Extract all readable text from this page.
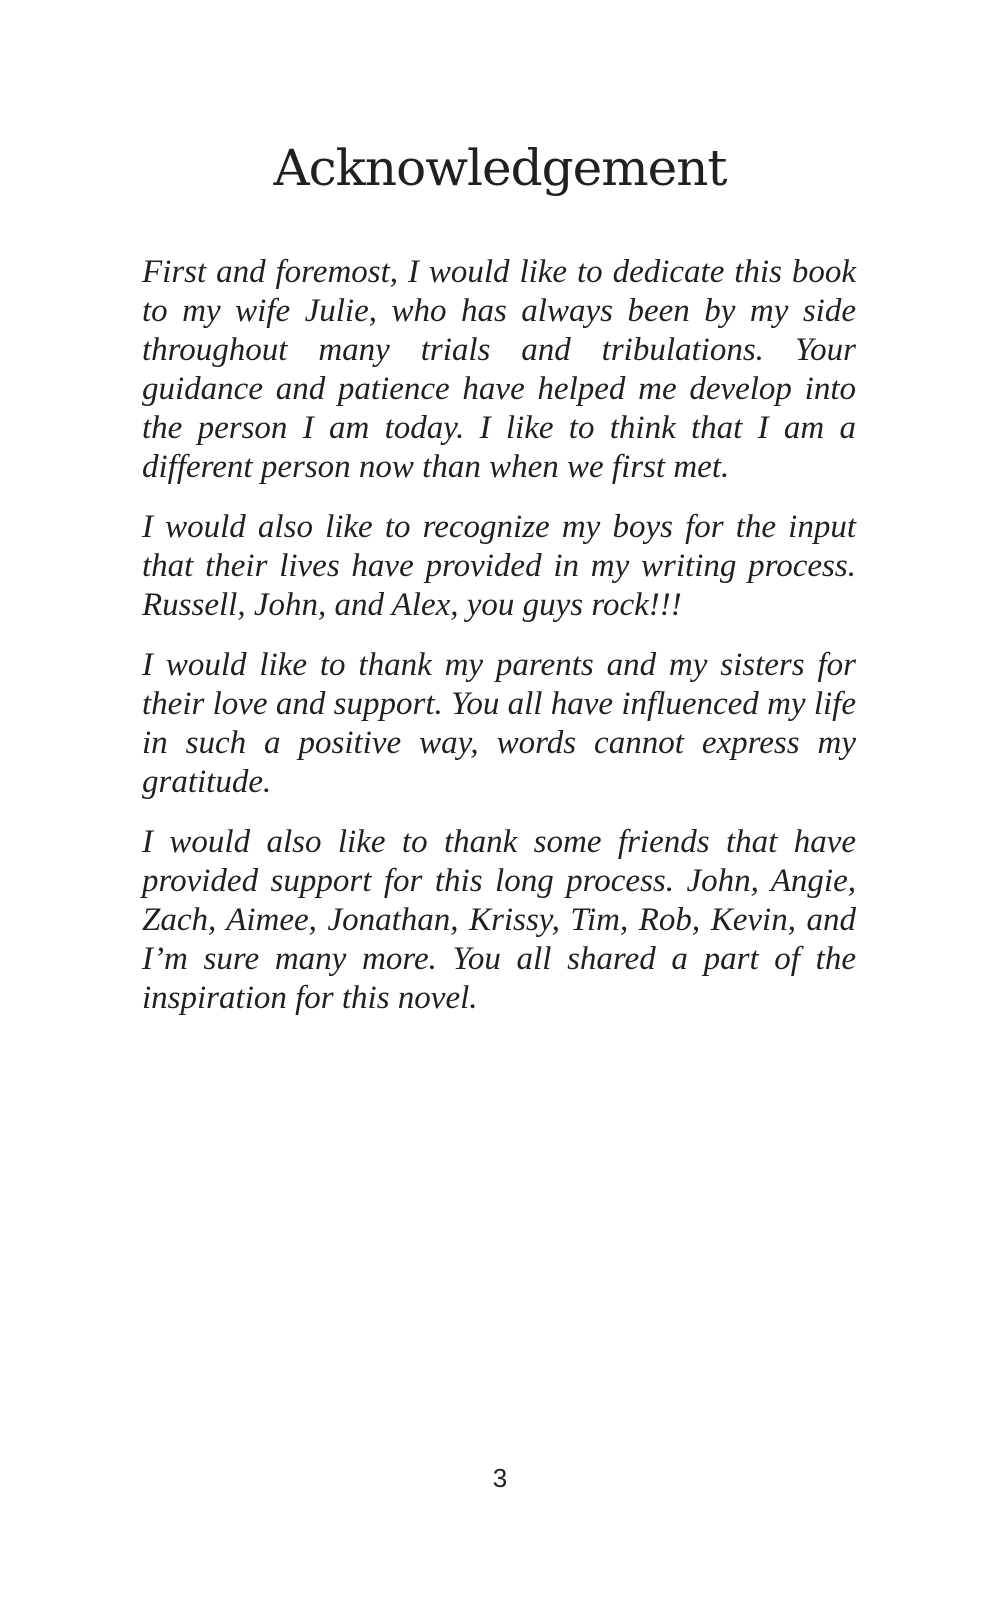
Acknowledgement

First and foremost, I would like to dedicate this book to my wife Julie, who has always been by my side throughout many trials and tribulations. Your guidance and patience have helped me develop into the person I am today. I like to think that I am a different person now than when we first met.

I would also like to recognize my boys for the input that their lives have provided in my writing process. Russell, John, and Alex, you guys rock!!!

I would like to thank my parents and my sisters for their love and support. You all have influenced my life in such a positive way, words cannot express my gratitude.

I would also like to thank some friends that have provided support for this long process. John, Angie, Zach, Aimee, Jonathan, Krissy, Tim, Rob, Kevin, and I’m sure many more. You all shared a part of the inspiration for this novel.

3
